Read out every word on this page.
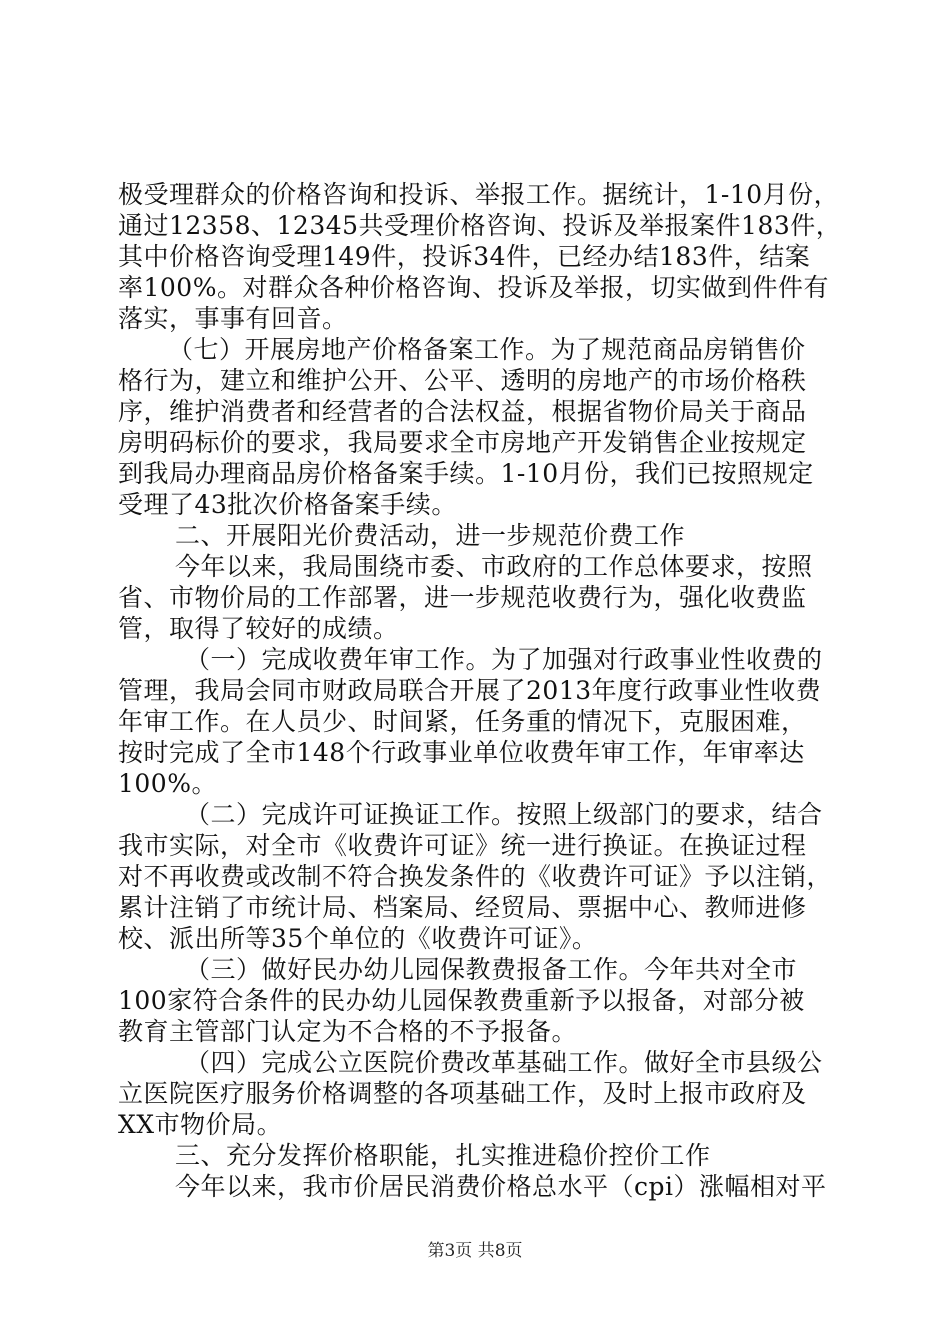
极受理群众的价格咨询和投诉、举报工作。据统计，1-10月份，
通过12358、12345共受理价格咨询、投诉及举报案件183件，
其中价格咨询受理149件，投诉34件，已经办结183件，结案
率100%。对群众各种价格咨询、投诉及举报，切实做到件件有
落实，事事有回音。
（七）开展房地产价格备案工作。为了规范商品房销售价
格行为，建立和维护公开、公平、透明的房地产的市场价格秩
序，维护消费者和经营者的合法权益，根据省物价局关于商品
房明码标价的要求，我局要求全市房地产开发销售企业按规定
到我局办理商品房价格备案手续。1-10月份，我们已按照规定
受理了43批次价格备案手续。
二、开展阳光价费活动，进一步规范价费工作
今年以来，我局围绕市委、市政府的工作总体要求，按照
省、市物价局的工作部署，进一步规范收费行为，强化收费监
管，取得了较好的成绩。
（一）完成收费年审工作。为了加强对行政事业性收费的
管理，我局会同市财政局联合开展了2013年度行政事业性收费
年审工作。在人员少、时间紧，任务重的情况下，克服困难，
按时完成了全市148个行政事业单位收费年审工作，年审率达
100%。
（二）完成许可证换证工作。按照上级部门的要求，结合
我市实际，对全市《收费许可证》统一进行换证。在换证过程
对不再收费或改制不符合换发条件的《收费许可证》予以注销，
累计注销了市统计局、档案局、经贸局、票据中心、教师进修
校、派出所等35个单位的《收费许可证》。
（三）做好民办幼儿园保教费报备工作。今年共对全市
100家符合条件的民办幼儿园保教费重新予以报备，对部分被
教育主管部门认定为不合格的不予报备。
（四）完成公立医院价费改革基础工作。做好全市县级公
立医院医疗服务价格调整的各项基础工作，及时上报市政府及
XX市物价局。
三、充分发挥价格职能，扎实推进稳价控价工作
今年以来，我市价居民消费价格总水平（cpi）涨幅相对平
第3页 共8页
